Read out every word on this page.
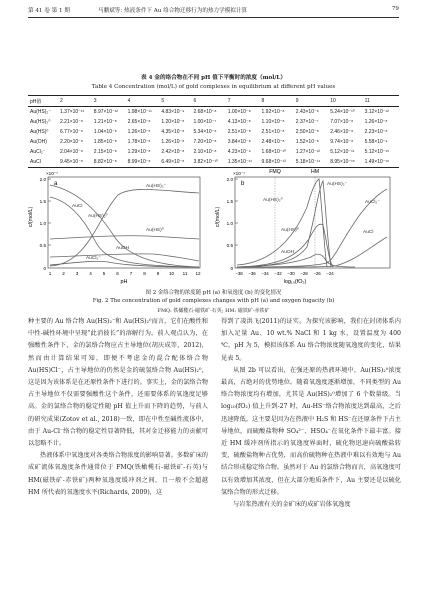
第 41 卷 第 1 期	马鹏斌等: 热液条件下 Au 络合物迁移行为的热力学模拟计算	79
表 4 金的络合物在不同 pH 值下平衡时的浓度（mol/L）
Table 4 Concentration (mol/L) of gold complexes in equilibrium at different pH values
pH值	2	3	4	5	6	7	8	9	10	11
Au(HS)₂⁻	1.37×10⁻¹¹	8.97×10⁻¹²	1.98×10⁻¹¹	4.83×10⁻⁹	2.68×10⁻⁸	1.00×10⁻⁸	1.92×10⁻⁸	2.43×10⁻⁸	5.24×10⁻¹⁰	3.12×10⁻¹²
Au(HS)₂⁰	2.21×10⁻⁸	1.21×10⁻⁸	2.65×10⁻⁸	1.20×10⁻⁸	1.00×10⁻⁷	4.13×10⁻⁸	1.10×10⁻⁸	2.37×10⁻⁷	7.07×10⁻⁸	1.26×10⁻⁸
Au(HS)⁰	6.77×10⁻⁸	1.04×10⁻⁸	1.26×10⁻⁸	4.35×10⁻⁸	5.34×10⁻⁸	2.51×10⁻⁸	2.51×10⁻⁸	2.50×10⁻⁸	2.46×10⁻⁸	2.23×10⁻⁸
Au(OH)	2.20×10⁻⁸	1.85×10⁻⁸	1.78×10⁻⁸	1.26×10⁻⁸	7.20×10⁻⁸	3.84×10⁻⁸	2.48×10⁻⁸	1.52×10⁻⁸	9.74×10⁻⁸	5.58×10⁻⁹
AuCl₂⁻	2.04×10⁻⁸	2.15×10⁻⁸	1.29×10⁻⁸	2.42×10⁻⁸	2.10×10⁻⁸	4.23×10⁻⁹	1.68×10⁻¹⁰	1.27×10⁻¹²	5.12×10⁻¹¹	5.12×10⁻¹⁵
AuCl	9.45×10⁻⁸	8.82×10⁻⁸	8.99×10⁻⁸	6.49×10⁻⁸	3.82×10⁻¹⁰	1.35×10⁻¹¹	9.68×10⁻¹³	5.18×10⁻¹⁴	8.95×10⁻¹⁵	1.49×10⁻¹⁶
c/(mol/L)
×10⁻⁷
a
2.0
1.5
1.0
0.5
0
1 2 3 4 5 6 7 8 9 10 11 12
pH
Au(HS)₂⁻
Au(HS)₂⁰
Au(HS)⁰
AuOH
AuCl₂⁻
AuCl
c/(mol/L)
×10⁻⁷
b
FMQ	HM
2.0
1.5
1.0
0.5
0
−38 −36 −34 −32 −30 −28 −26 −24
log₁₀(fO₂)
Au(HS)₂⁻
Au(HS)₂⁰
Au(HS)⁰
AuOH
AuCl₂⁻
AuCl
图 2 金络合物的浓度随 pH (a) 和氧逸度 (b) 的变化情况
Fig. 2 The concentration of gold complexes changes with pH (a) and oxygen fugacity (b)
FMQ: 铁橄榄石-磁铁矿-石英; HM: 磁铁矿-赤铁矿

种主要的 Au 络合物 Au(HS)₂⁻和 Au(HS)₂⁰而言，它们在酸性和中性-碱性环境中呈现“此消彼长”的溶解行为。前人观点认为，在强酸性条件下，金的氯络合物应占主导地位(胡庆成等，2012)，然而由计算结果可知，即便不考虑金的混合配体络合物 Au(HS)Cl⁻，占主导地位的仍然是金的硫氢络合物 Au(HS)₂⁰，这是因为该体系是在还原性条件下进行的。事实上，金的氯络合物占主导地位不仅需要强酸性这个条件，还需要体系的氧逸度足够高。金的氯络合物的稳定性随 pH 值上升而下降的趋势，与前人的研究成果(Zotov et al., 2018)一致，即在中性至碱性流体中，由于 Au-Cl⁻络合物的稳定性显著降低，其对金迁移能力的贡献可以忽略不计。

热液体系中氧逸度对各类络合物浓度的影响显著。多数矿床的成矿流体氧逸度条件通常位于 FMQ(铁橄榄石-磁铁矿-石英)与 HM(磁铁矿-赤铁矿)两种氧逸度缓冲剂之间，且一般不会超越 HM 所代表的氧逸度水平(Richards, 2009)，这

得到了凌洪飞(2011)的证实。为探究该影响，我们在封闭体系内加入足量 Au、10 wt.% NaCl 和 1 kg 水，设置温度为 400 ℃，pH 为 5，模拟该体系 Au 络合物浓度随氧逸度的变化，结果见表 5。

从图 2b 可以看出，在强还原的热液环境中，Au(HS)₂⁰浓度最高，占绝对的优势地位。随着氧逸度逐渐增加，不同类型的 Au 络合物浓度均有增加，尤其是 Au(HS)₂⁰增加了 6 个数量级。当 log₁₀(fO₂) 值上升到-27 时，Au-HS⁻络合物浓度达到最高，之后迅速降低。这主要是因为在热液中 H₂S 和 HS⁻在还原条件下占主导地位，而硫酸盐物种 SO₄²⁻、HSO₄⁻在氧化条件下最丰富。接近 HM 缓冲剂所指示的氧逸度界面时，硫化物迅速向硫酸盐转变，硫酸盐物种占优势，而高价硫物种在热液中难以有效地与 Au 结合形成稳定络合物。虽然对于 Au 的氯络合物而言，高氧逸度可以有效增加其浓度，但在大部分地质条件下，Au 主要还是以硫化氢络合物的形式迁移。

与岩浆热液有关的金矿床的成矿岩体氧逸度
